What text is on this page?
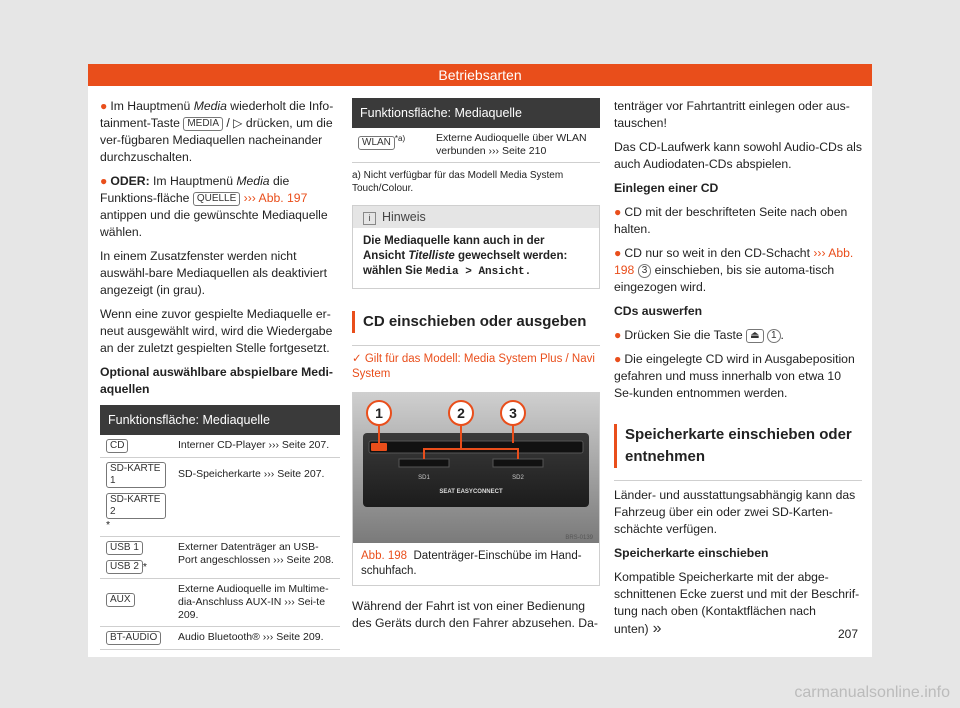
Betriebsarten

● Im Hauptmenü Media wiederholt die Info-tainment-Taste MEDIA / ▷ drücken, um die ver-fügbaren Mediaquellen nacheinander durchzuschalten.

● ODER: Im Hauptmenü Media die Funktions-fläche QUELLE ››› Abb. 197 antippen und die gewünschte Mediaquelle wählen.

In einem Zusatzfenster werden nicht auswähl-bare Mediaquellen als deaktiviert angezeigt (in grau).

Wenn eine zuvor gespielte Mediaquelle er-neut ausgewählt wird, wird die Wiedergabe an der zuletzt gespielten Stelle fortgesetzt.

Optional auswählbare abspielbare Medi-aquellen

Funktionsfläche: Mediaquelle	
CD	Interner CD-Player ››› Seite 207.
SD-KARTE 1
SD-KARTE 2*	SD-Speicherkarte ››› Seite 207.
USB 1
USB 2 *	Externer Datenträger an USB-Port angeschlossen ››› Seite 208.
AUX	Externe Audioquelle im Multime-dia-Anschluss AUX-IN ››› Sei-te 209.
BT-AUDIO	Audio Bluetooth® ››› Seite 209.
Funktionsfläche: Mediaquelle
WLAN $^{*a)}$	Externe Audioquelle über WLAN verbunden ››› Seite 210
a) Nicht verfügbar für das Modell Media System Touch/Colour.
i Hinweis
Die Mediaquelle kann auch in der Ansicht Titelliste gewechselt werden: wählen Sie Media > Ansicht.
CD einschieben oder ausgeben
✓ Gilt für das Modell: Media System Plus / Navi System
SD1	SD2
SEAT EASYCONNECT
1	2	3
BRS-0139
Abb. 198 Datenträger-Einschübe im Hand-schuhfach.

Während der Fahrt ist von einer Bedienung des Geräts durch den Fahrer abzusehen. Da-

tenträger vor Fahrtantritt einlegen oder aus-tauschen!

Das CD-Laufwerk kann sowohl Audio-CDs als auch Audiodaten-CDs abspielen.

Einlegen einer CD

● CD mit der beschrifteten Seite nach oben halten.

● CD nur so weit in den CD-Schacht ››› Abb. 198 3 einschieben, bis sie automa-tisch eingezogen wird.

CDs auswerfen

● Drücken Sie die Taste ⏏ 1 .

● Die eingelegte CD wird in Ausgabeposition gefahren und muss innerhalb von etwa 10 Se-kunden entnommen werden.

Speicherkarte einschieben oder entnehmen

Länder- und ausstattungsabhängig kann das Fahrzeug über ein oder zwei SD-Karten-schächte verfügen.

Speicherkarte einschieben

Kompatible Speicherkarte mit der abge-schnittenen Ecke zuerst und mit der Beschrif-tung nach oben (Kontaktflächen nach unten) »	207
carmanualsonline.info
